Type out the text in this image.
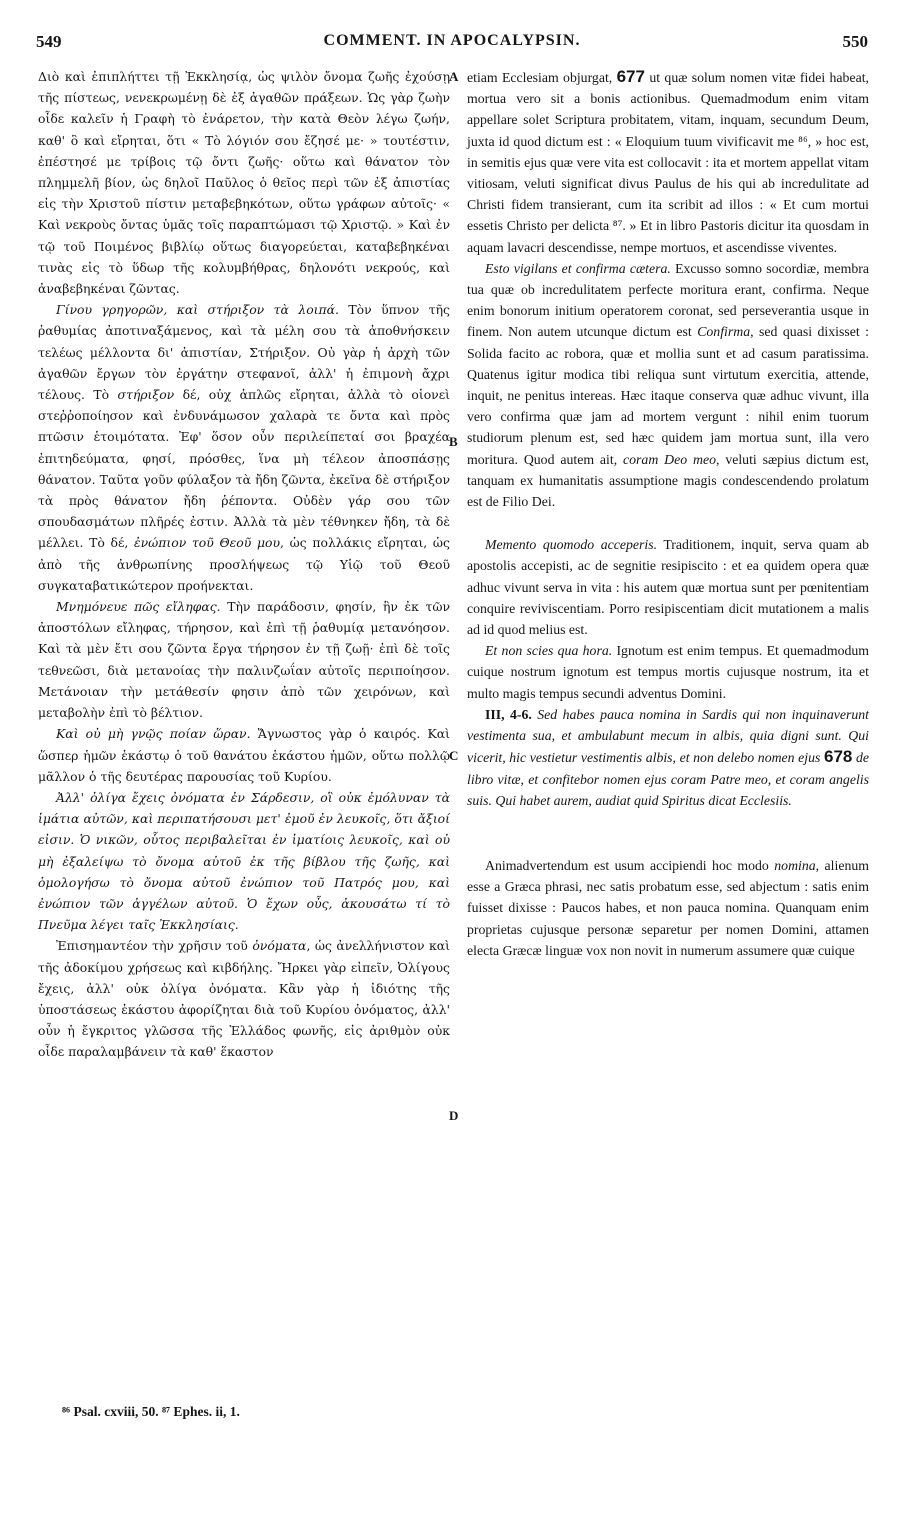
549	COMMENT. IN APOCALYPSIN.	550
A
B
C
D

Διὸ καὶ ἐπιπλήττει τῇ Ἐκκλησίᾳ, ὡς ψιλὸν ὄνομα ζωῆς ἐχούσῃ τῆς πίστεως, νενεκρωμένῃ δὲ ἐξ ἀγαθῶν πράξεων. Ὡς γὰρ ζωὴν οἶδε καλεῖν ἡ Γραφὴ τὸ ἐνάρετον, τὴν κατὰ Θεὸν λέγω ζωήν, καθ' ὃ καὶ εἴρηται, ὅτι « Τὸ λόγιόν σου ἔζησέ με· » τουτέστιν, ἐπέστησέ με τρίβοις τῷ ὄντι ζωῆς· οὕτω καὶ θάνατον τὸν πλημμελῆ βίον, ὡς δηλοῖ Παῦλος ὁ θεῖος περὶ τῶν ἐξ ἀπιστίας εἰς τὴν Χριστοῦ πίστιν μεταβεβηκότων, οὕτω γράφων αὐτοῖς· « Καὶ νεκροὺς ὄντας ὑμᾶς τοῖς παραπτώμασι τῷ Χριστῷ. » Καὶ ἐν τῷ τοῦ Ποιμένος βιβλίῳ οὕτως διαγορεύεται, καταβεβηκέναι τινὰς εἰς τὸ ὕδωρ τῆς κολυμβήθρας, δηλονότι νεκρούς, καὶ ἀναβεβηκέναι ζῶντας.

Γίνου γρηγορῶν, καὶ στήριξον τὰ λοιπά. Τὸν ὕπνον τῆς ῥαθυμίας ἀποτιναξάμενος, καὶ τὰ μέλη σου τὰ ἀποθνήσκειν τελέως μέλλοντα δι' ἀπιστίαν, Στήριξον. Οὐ γὰρ ἡ ἀρχὴ τῶν ἀγαθῶν ἔργων τὸν ἐργάτην στεφανοῖ, ἀλλ' ἡ ἐπιμονὴ ἄχρι τέλους. Τὸ στήριξον δέ, οὐχ ἁπλῶς εἴρηται, ἀλλὰ τὸ οἱονεὶ στεῤῥοποίησον καὶ ἐνδυνάμωσον χαλαρὰ τε ὄντα καὶ πρὸς πτῶσιν ἑτοιμότατα. Ἐφ' ὅσον οὖν περιλείπεταί σοι βραχέα ἐπιτηδεύματα, φησί, πρόσθες, ἵνα μὴ τέλεον ἀποσπάσῃς θάνατον. Ταῦτα γοῦν φύλαξον τὰ ἤδη ζῶντα, ἐκεῖνα δὲ στήριξον τὰ πρὸς θάνατον ἤδη ῥέποντα. Οὐδὲν γάρ σου τῶν σπουδασμάτων πλῆρές ἐστιν. Ἀλλὰ τὰ μὲν τέθνηκεν ἤδη, τὰ δὲ μέλλει. Τὸ δέ, ἐνώπιον τοῦ Θεοῦ μου, ὡς πολλάκις εἴρηται, ὡς ἀπὸ τῆς ἀνθρωπίνης προσλήψεως τῷ Υἱῷ τοῦ Θεοῦ συγκαταβατικώτερον προήνεκται.

Μνημόνευε πῶς εἴληφας. Τὴν παράδοσιν, φησίν, ἣν ἐκ τῶν ἀποστόλων εἴληφας, τήρησον, καὶ ἐπὶ τῇ ῥαθυμίᾳ μετανόησον. Καὶ τὰ μὲν ἔτι σου ζῶντα ἔργα τήρησον ἐν τῇ ζωῇ· ἐπὶ δὲ τοῖς τεθνεῶσι, διὰ μετανοίας τὴν παλινζωΐαν αὐτοῖς περιποίησον. Μετάνοιαν τὴν μετάθεσίν φησιν ἀπὸ τῶν χειρόνων, καὶ μεταβολὴν ἐπὶ τὸ βέλτιον.

Καὶ οὐ μὴ γνῷς ποίαν ὥραν. Ἄγνωστος γὰρ ὁ καιρός. Καὶ ὥσπερ ἡμῶν ἑκάστῳ ὁ τοῦ θανάτου ἑκάστου ἡμῶν, οὕτω πολλῷ μᾶλλον ὁ τῆς δευτέρας παρουσίας τοῦ Κυρίου.

Ἀλλ' ὀλίγα ἔχεις ὀνόματα ἐν Σάρδεσιν, οἳ οὐκ ἐμόλυναν τὰ ἱμάτια αὐτῶν, καὶ περιπατήσουσι μετ' ἐμοῦ ἐν λευκοῖς, ὅτι ἄξιοί εἰσιν. Ὁ νικῶν, οὗτος περιβαλεῖται ἐν ἱματίοις λευκοῖς, καὶ οὐ μὴ ἐξαλείψω τὸ ὄνομα αὐτοῦ ἐκ τῆς βίβλου τῆς ζωῆς, καὶ ὁμολογήσω τὸ ὄνομα αὐτοῦ ἐνώπιον τοῦ Πατρός μου, καὶ ἐνώπιον τῶν ἀγγέλων αὐτοῦ. Ὁ ἔχων οὖς, ἀκουσάτω τί τὸ Πνεῦμα λέγει ταῖς Ἐκκλησίαις.

Ἐπισημαντέον τὴν χρῆσιν τοῦ ὀνόματα, ὡς ἀνελλήνιστον καὶ τῆς ἀδοκίμου χρήσεως καὶ κιβδήλης. Ἤρκει γὰρ εἰπεῖν, Ὀλίγους ἔχεις, ἀλλ' οὐκ ὀλίγα ὀνόματα. Κἂν γὰρ ἡ ἰδιότης τῆς ὑποστάσεως ἑκάστου ἀφορίζηται διὰ τοῦ Κυρίου ὀνόματος, ἀλλ' οὖν ἡ ἔγκριτος γλῶσσα τῆς Ἑλλάδος φωνῆς, εἰς ἀριθμὸν οὐκ οἶδε παραλαμβάνειν τὰ καθ' ἕκαστον

etiam Ecclesiam objurgat, 677 ut quæ solum nomen vitæ fidei habeat, mortua vero sit a bonis actionibus. Quemadmodum enim vitam appellare solet Scriptura probitatem, vitam, inquam, secundum Deum, juxta id quod dictum est : « Eloquium tuum vivificavit me ⁸⁶, » hoc est, in semitis ejus quæ vere vita est collocavit : ita et mortem appellat vitam vitiosam, veluti significat divus Paulus de his qui ab incredulitate ad Christi fidem transierant, cum ita scribit ad illos : « Et cum mortui essetis Christo per delicta ⁸⁷. » Et in libro Pastoris dicitur ita quosdam in aquam lavacri descendisse, nempe mortuos, et ascendisse viventes.

Esto vigilans et confirma cætera. Excusso somno socordiæ, membra tua quæ ob incredulitatem perfecte moritura erant, confirma. Neque enim bonorum initium operatorem coronat, sed perseverantia usque in finem. Non autem utcunque dictum est Confirma, sed quasi dixisset : Solida facito ac robora, quæ et mollia sunt et ad casum paratissima. Quatenus igitur modica tibi reliqua sunt virtutum exercitia, attende, inquit, ne penitus intereas. Hæc itaque conserva quæ adhuc vivunt, illa vero confirma quæ jam ad mortem vergunt : nihil enim tuorum studiorum plenum est, sed hæc quidem jam mortua sunt, illa vero moritura. Quod autem ait, coram Deo meo, veluti sæpius dictum est, tanquam ex humanitatis assumptione magis condescendendo prolatum est de Filio Dei.

Memento quomodo acceperis. Traditionem, inquit, serva quam ab apostolis accepisti, ac de segnitie resipiscito : et ea quidem opera quæ adhuc vivunt serva in vita : his autem quæ mortua sunt per pœnitentiam conquire reviviscentiam. Porro resipiscentiam dicit mutationem a malis ad id quod melius est.

Et non scies qua hora. Ignotum est enim tempus. Et quemadmodum cuique nostrum ignotum est tempus mortis cujusque nostrum, ita et multo magis tempus secundi adventus Domini.

III, 4-6. Sed habes pauca nomina in Sardis qui non inquinaverunt vestimenta sua, et ambulabunt mecum in albis, quia digni sunt. Qui vicerit, hic vestietur vestimentis albis, et non delebo nomen ejus 678 de libro vitæ, et confitebor nomen ejus coram Patre meo, et coram angelis suis. Qui habet aurem, audiat quid Spiritus dicat Ecclesiis.

Animadvertendum est usum accipiendi hoc modo nomina, alienum esse a Græca phrasi, nec satis probatum esse, sed abjectum : satis enim fuisset dixisse : Paucos habes, et non pauca nomina. Quanquam enim proprietas cujusque personæ separetur per nomen Domini, attamen electa Græcæ linguæ vox non novit in numerum assumere quæ cuique

⁸⁶ Psal. cxviii, 50. ⁸⁷ Ephes. ii, 1.
